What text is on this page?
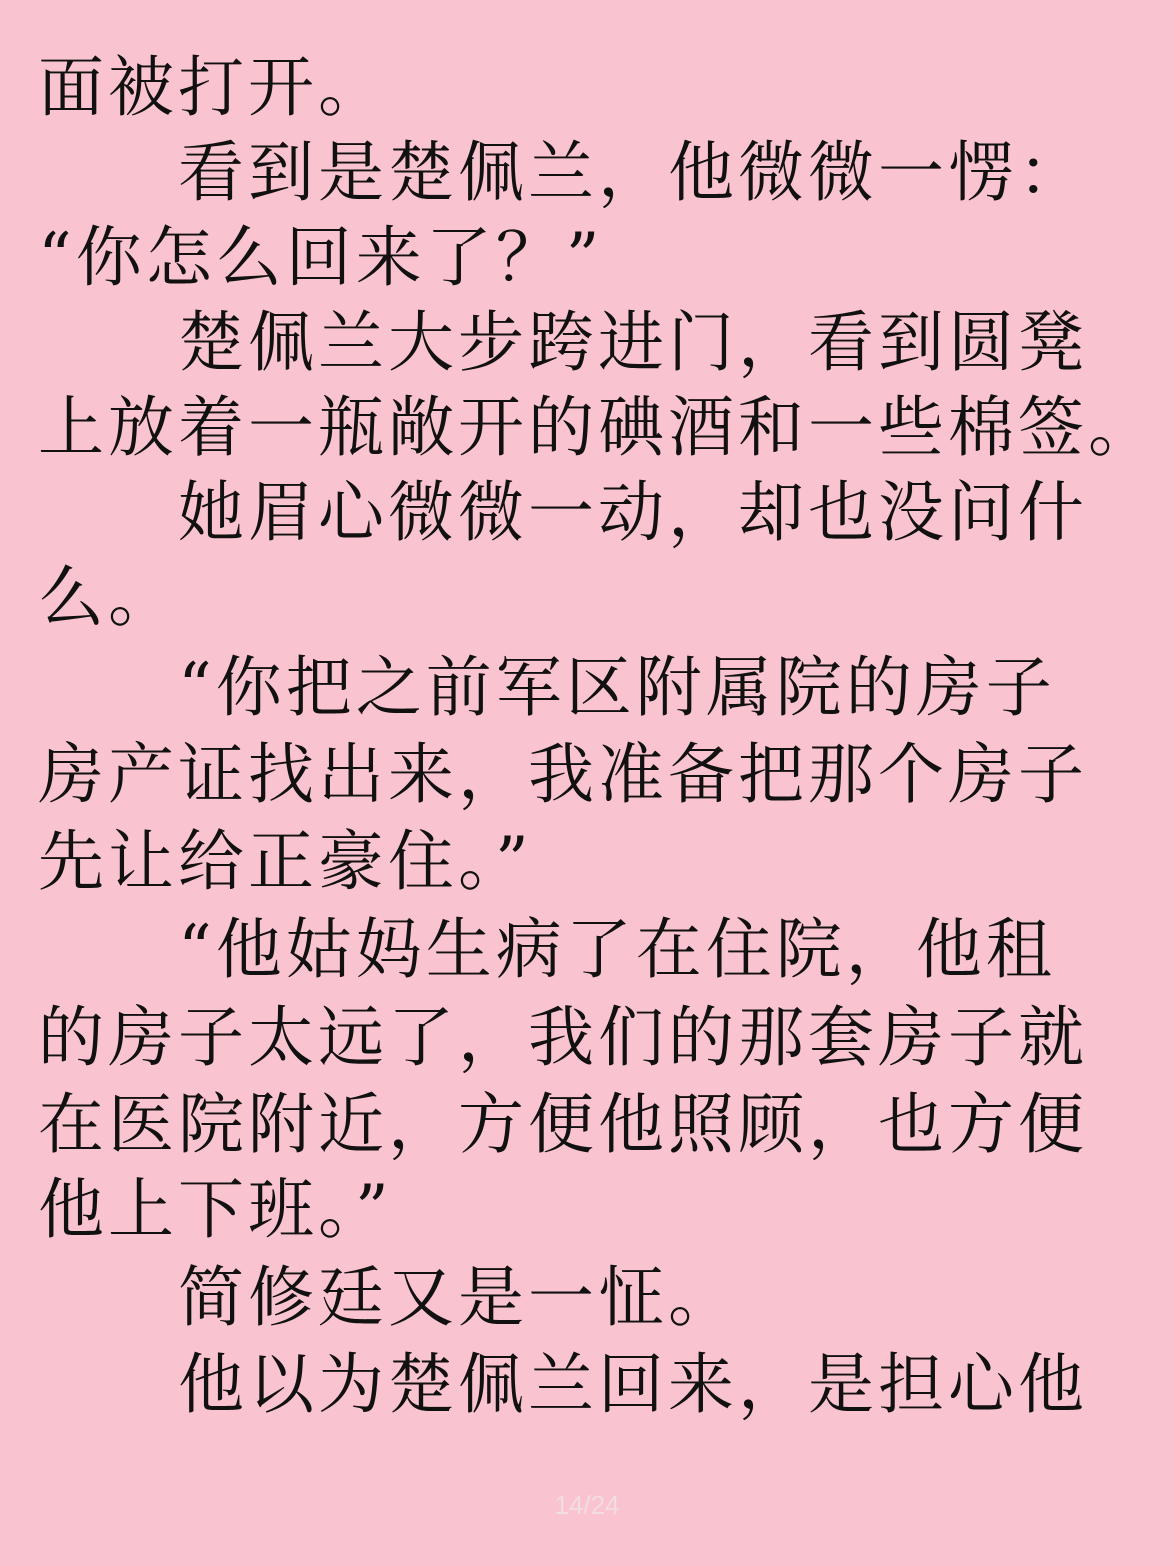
面被打开。
　　看到是楚佩兰，他微微一愣：
“你怎么回来了？”
　　楚佩兰大步跨进门，看到圆凳
上放着一瓶敞开的碘酒和一些棉签。
　　她眉心微微一动，却也没问什
么。
　　“你把之前军区附属院的房子
房产证找出来，我准备把那个房子
先让给正豪住。”
　　“他姑妈生病了在住院，他租
的房子太远了，我们的那套房子就
在医院附近，方便他照顾，也方便
他上下班。”
　　简修廷又是一怔。
　　他以为楚佩兰回来，是担心他
14/24
